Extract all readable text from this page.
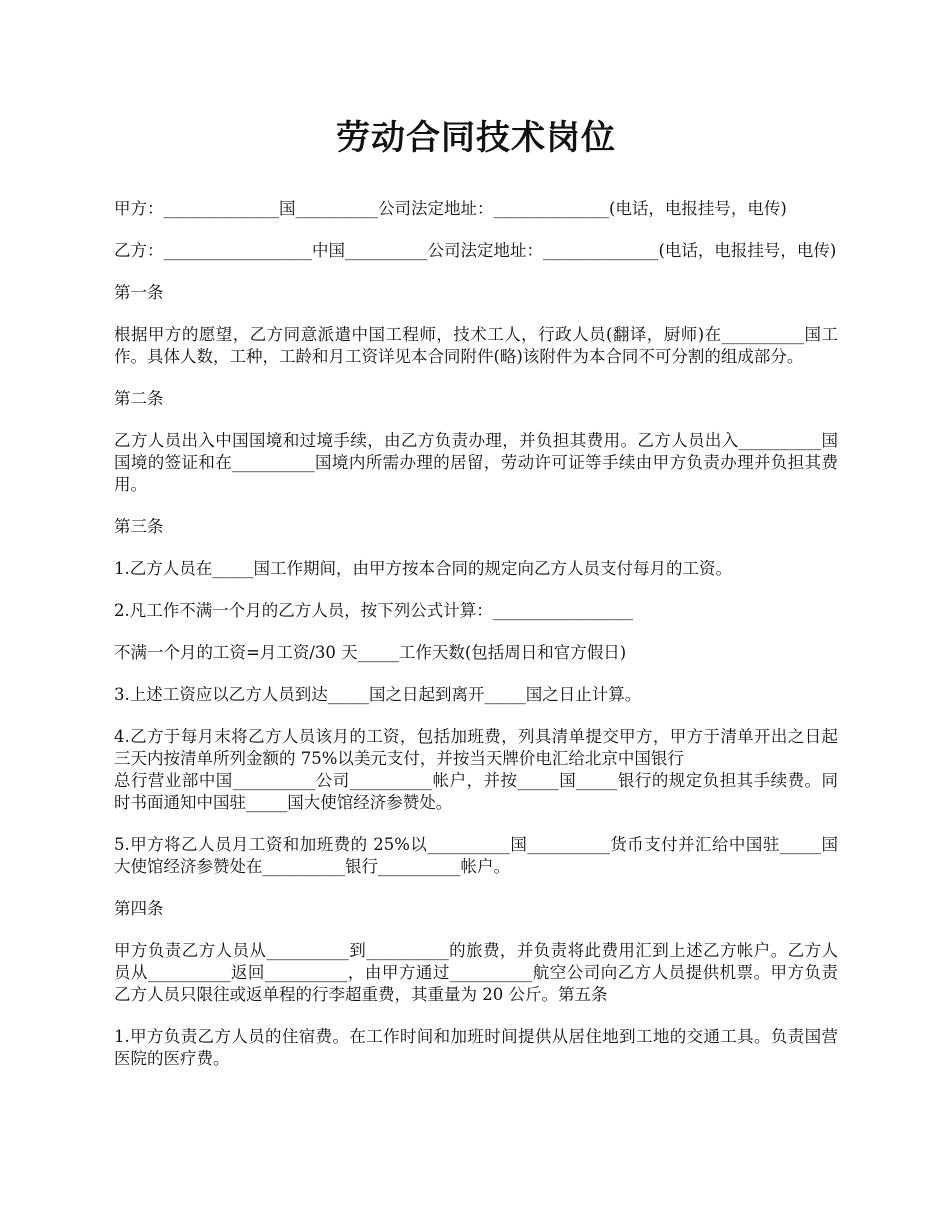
劳动合同技术岗位

甲方：______________国__________公司法定地址：______________(电话，电报挂号，电传)

乙方：__________________中国__________公司法定地址：______________(电话，电报挂号，电传)

第一条

根据甲方的愿望，乙方同意派遣中国工程师，技术工人，行政人员(翻译，厨师)在__________国工作。具体人数，工种，工龄和月工资详见本合同附件(略)该附件为本合同不可分割的组成部分。

第二条

乙方人员出入中国国境和过境手续，由乙方负责办理，并负担其费用。乙方人员出入__________国国境的签证和在__________国境内所需办理的居留，劳动许可证等手续由甲方负责办理并负担其费用。

第三条

1.乙方人员在_____国工作期间，由甲方按本合同的规定向乙方人员支付每月的工资。

2.凡工作不满一个月的乙方人员，按下列公式计算：_________________

不满一个月的工资=月工资/30 天_____工作天数(包括周日和官方假日)

3.上述工资应以乙方人员到达_____国之日起到离开_____国之日止计算。

4.乙方于每月末将乙方人员该月的工资，包括加班费，列具清单提交甲方，甲方于清单开出之日起三天内按清单所列金额的 75%以美元支付，并按当天牌价电汇给北京中国银行
总行营业部中国__________公司__________帐户，并按_____国_____银行的规定负担其手续费。同时书面通知中国驻_____国大使馆经济参赞处。

5.甲方将乙人员月工资和加班费的 25%以__________国__________货币支付并汇给中国驻_____国大使馆经济参赞处在__________银行__________帐户。

第四条

甲方负责乙方人员从__________到__________的旅费，并负责将此费用汇到上述乙方帐户。乙方人员从__________返回__________，由甲方通过__________航空公司向乙方人员提供机票。甲方负责乙方人员只限往或返单程的行李超重费，其重量为 20 公斤。第五条

1.甲方负责乙方人员的住宿费。在工作时间和加班时间提供从居住地到工地的交通工具。负责国营医院的医疗费。
